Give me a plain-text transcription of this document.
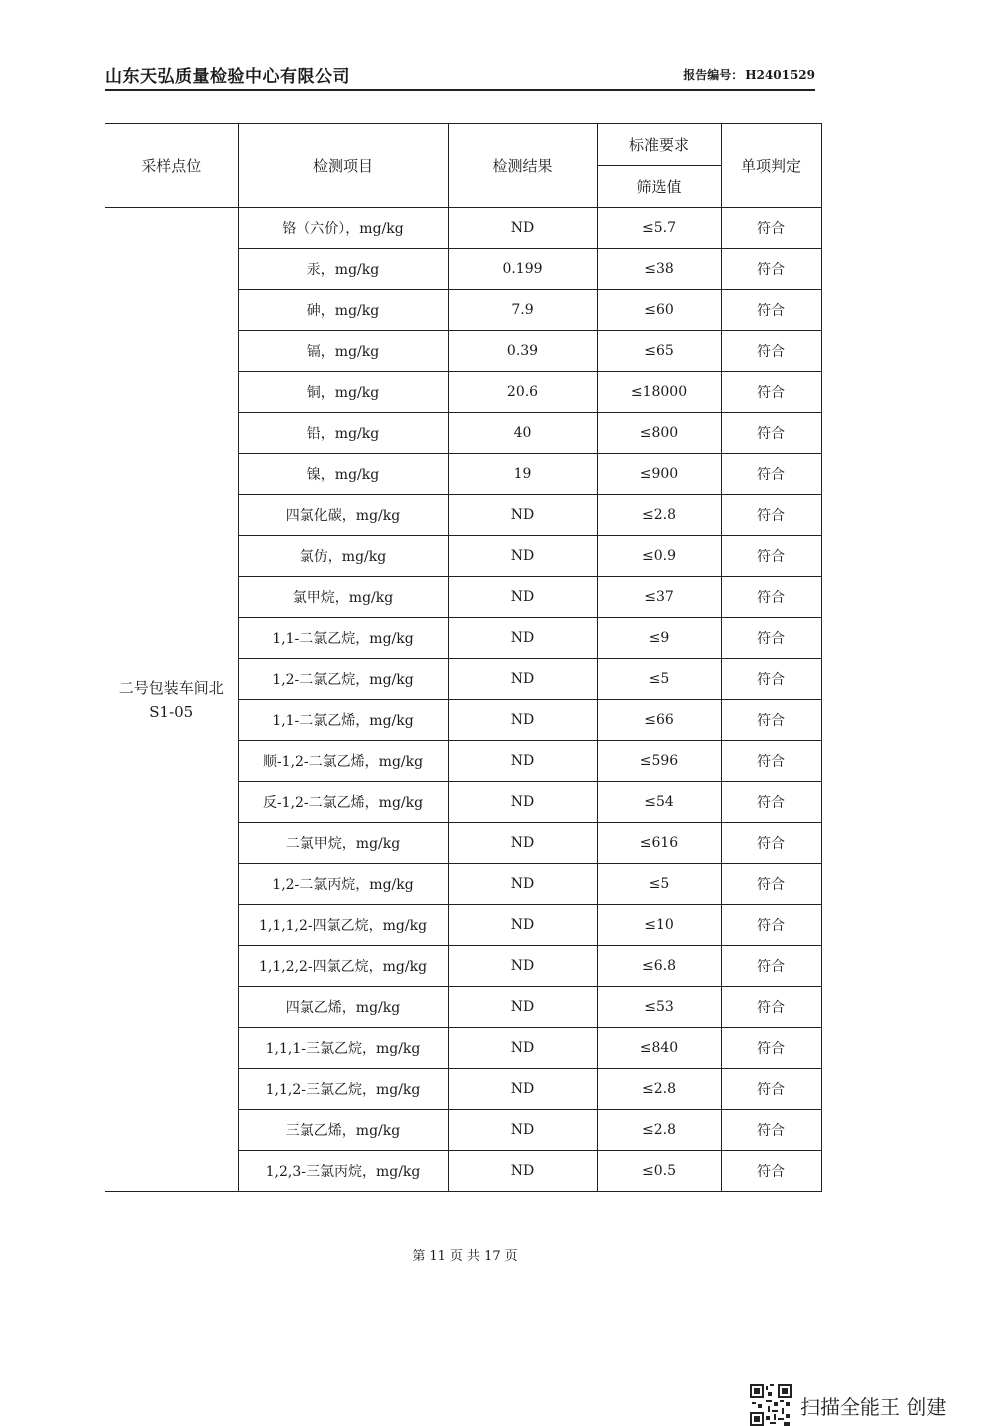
山东天弘质量检验中心有限公司	报告编号： H2401529
采样点位	检测项目	检测结果	标准要求	单项判定
			筛选值	

二号包装车间北
S1-05	铬（六价），mg/kg	ND	≤5.7	符合
	汞，mg/kg	0.199	≤38	符合
	砷，mg/kg	7.9	≤60	符合
	镉，mg/kg	0.39	≤65	符合
	铜，mg/kg	20.6	≤18000	符合
	铅，mg/kg	40	≤800	符合
	镍，mg/kg	19	≤900	符合
	四氯化碳，mg/kg	ND	≤2.8	符合
	氯仿，mg/kg	ND	≤0.9	符合
	氯甲烷，mg/kg	ND	≤37	符合
	1,1-二氯乙烷，mg/kg	ND	≤9	符合
	1,2-二氯乙烷，mg/kg	ND	≤5	符合
	1,1-二氯乙烯，mg/kg	ND	≤66	符合
	顺-1,2-二氯乙烯，mg/kg	ND	≤596	符合
	反-1,2-二氯乙烯，mg/kg	ND	≤54	符合
	二氯甲烷，mg/kg	ND	≤616	符合
	1,2-二氯丙烷，mg/kg	ND	≤5	符合
	1,1,1,2-四氯乙烷，mg/kg	ND	≤10	符合
	1,1,2,2-四氯乙烷，mg/kg	ND	≤6.8	符合
	四氯乙烯，mg/kg	ND	≤53	符合
	1,1,1-三氯乙烷，mg/kg	ND	≤840	符合
	1,1,2-三氯乙烷，mg/kg	ND	≤2.8	符合
	三氯乙烯，mg/kg	ND	≤2.8	符合
	1,2,3-三氯丙烷，mg/kg	ND	≤0.5	符合
第 11 页 共 17 页
扫描全能王 创建
